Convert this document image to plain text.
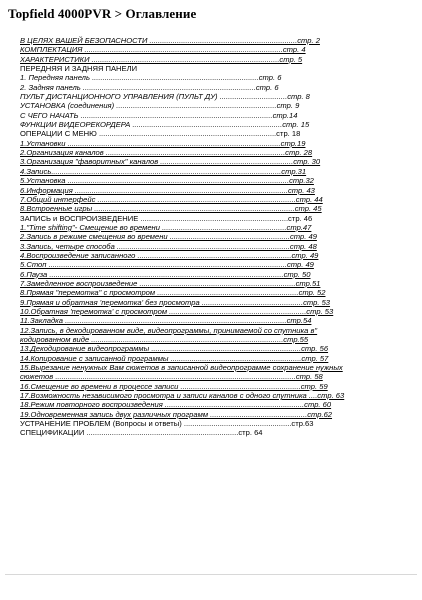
Topfield 4000PVR > Оглавление
В ЦЕЛЯХ ВАШЕЙ БЕЗОПАСНОСТИ ......................................................................стр. 2
КОМПЛЕКТАЦИЯ ..............................................................................................стр. 4
ХАРАКТЕРИСТИКИ .........................................................................................стр. 5
ПЕРЕДНЯЯ И ЗАДНЯЯ ПАНЕЛИ
1. Передняя панель ...............................................................................стр. 6
2. Задняя панель ..................................................................................стр. 6
ПУЛЬТ ДИСТАНЦИОННОГО УПРАВЛЕНИЯ (ПУЛЬТ ДУ) ................................стр. 8
УСТАНОВКА (соединения) ............................................................................стр. 9
С ЧЕГО НАЧАТЬ ...........................................................................................стр.14
ФУНКЦИИ ВИДЕОРЕКОРДЕРА .......................................................................стр. 15
ОПЕРАЦИИ С МЕНЮ ....................................................................................стр. 18
1.Установки .....................................................................................................стр.19
2.Организация каналов .....................................................................................стр. 28
3.Организация "фаворитных" каналов ...............................................................стр. 30
4.Запись.............................................................................................................стр.31
5.Установка .........................................................................................................стр.32
6.Информация .....................................................................................................стр. 43
7.Общий интерфейс ..............................................................................................стр. 44
8.Встроенные игры ...............................................................................................стр. 45
ЗАПИСЬ и ВОСПРОИЗВЕДЕНИЕ ......................................................................стр. 46
1."Time shifting"- Смещение во времени ...........................................................стр.47
2.Запись в режиме смещения во времени .........................................................стр. 49
3.Запись, четыре способа ..................................................................................стр. 48
4.Воспроизведение записанного .........................................................................стр. 49
5.Стоп .................................................................................................................стр. 49
6.Пауза ...............................................................................................................стр. 50
7.Замедленное воспроизведение ..........................................................................стр.51
8.Прямая "перемотка" с просмотром ...................................................................стр. 52
9.Прямая и обратная 'перемотка' без просмотра ................................................стр. 53
10.Обратная 'перемотка' с просмотром .................................................................стр. 53
11.Закладка .........................................................................................................стр.54
12.Запись, в декодированном виде, видеопрограммы, принимаемой со спутника в"
кодированном виде ...........................................................................................стр.55
13.Декодирование видеопрограммы .......................................................................стр. 56
14.Копирование с записанной программы ..............................................................стр. 57
15.Вырезание ненужных Вам сюжетов в записанной видеопрограмме сохранение нужных
сюжетов ..................................................................................................................стр. 58
16.Смещение во времени в процессе записи .........................................................стр. 59
17.Возможность независимого просмотра и записи каналов с одного спутника ....стр. 63
18.Режим повторного воспроизведения ..................................................................стр. 60
19.Одновременная запись двух различных программ ..............................................стр.62
УСТРАНЕНИЕ ПРОБЛЕМ (Вопросы и ответы) ...................................................стр.63
СПЕЦИФИКАЦИИ ........................................................................стр. 64
